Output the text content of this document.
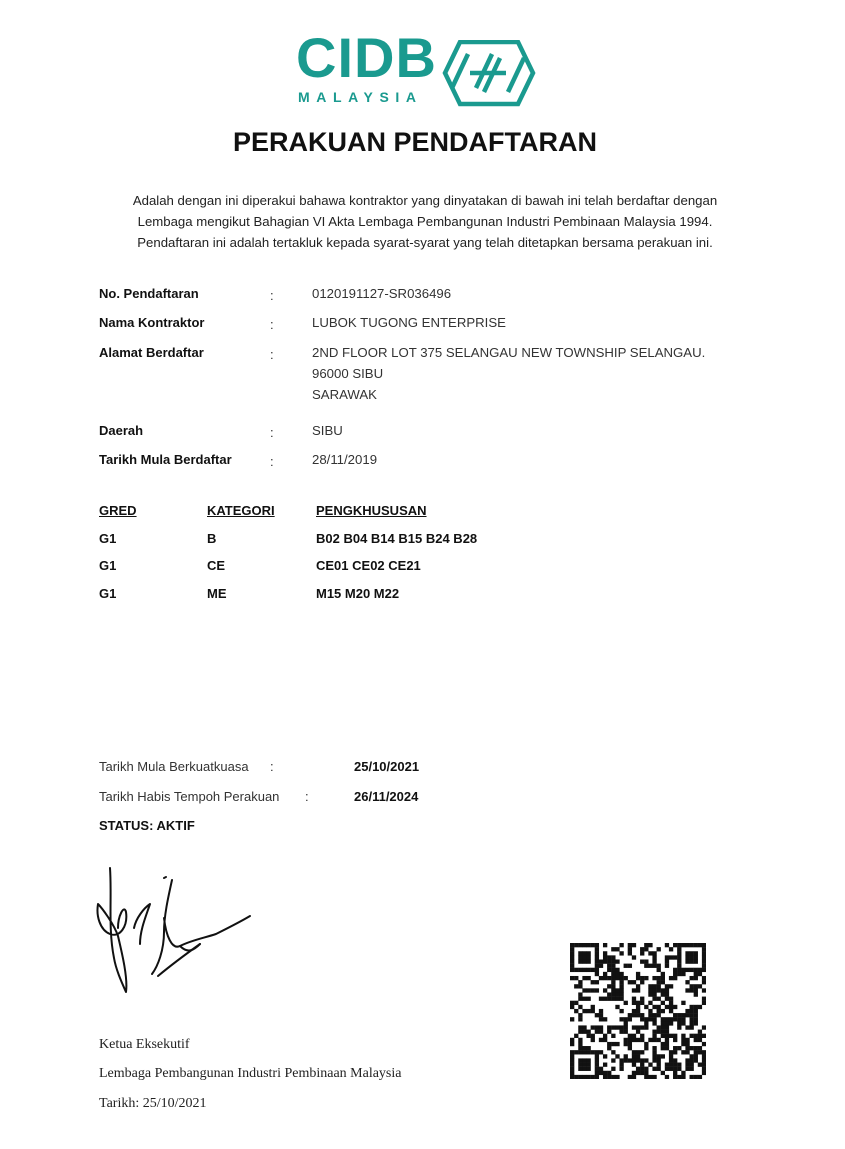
CIDB
MALAYSIA
PERAKUAN PENDAFTARAN
Adalah dengan ini diperakui bahawa kontraktor yang dinyatakan di bawah ini telah berdaftar dengan
Lembaga mengikut Bahagian VI Akta Lembaga Pembangunan Industri Pembinaan Malaysia 1994.
Pendaftaran ini adalah tertakluk kepada syarat-syarat yang telah ditetapkan bersama perakuan ini.
No. Pendaftaran	:	0120191127-SR036496
Nama Kontraktor	:	LUBOK TUGONG ENTERPRISE
Alamat Berdaftar	:	2ND FLOOR LOT 375 SELANGAU NEW TOWNSHIP SELANGAU.
96000 SIBU
SARAWAK
Daerah	:	SIBU
Tarikh Mula Berdaftar	:	28/11/2019
GRED	KATEGORI	PENGKHUSUSAN
G1	B	B02 B04 B14 B15 B24 B28
G1	CE	CE01 CE02 CE21
G1	ME	M15 M20 M22
Tarikh Mula Berkuatkuasa :	25/10/2021
Tarikh Habis Tempoh Perakuan :	26/11/2024
STATUS: AKTIF
Ketua Eksekutif
Lembaga Pembangunan Industri Pembinaan Malaysia
Tarikh: 25/10/2021
